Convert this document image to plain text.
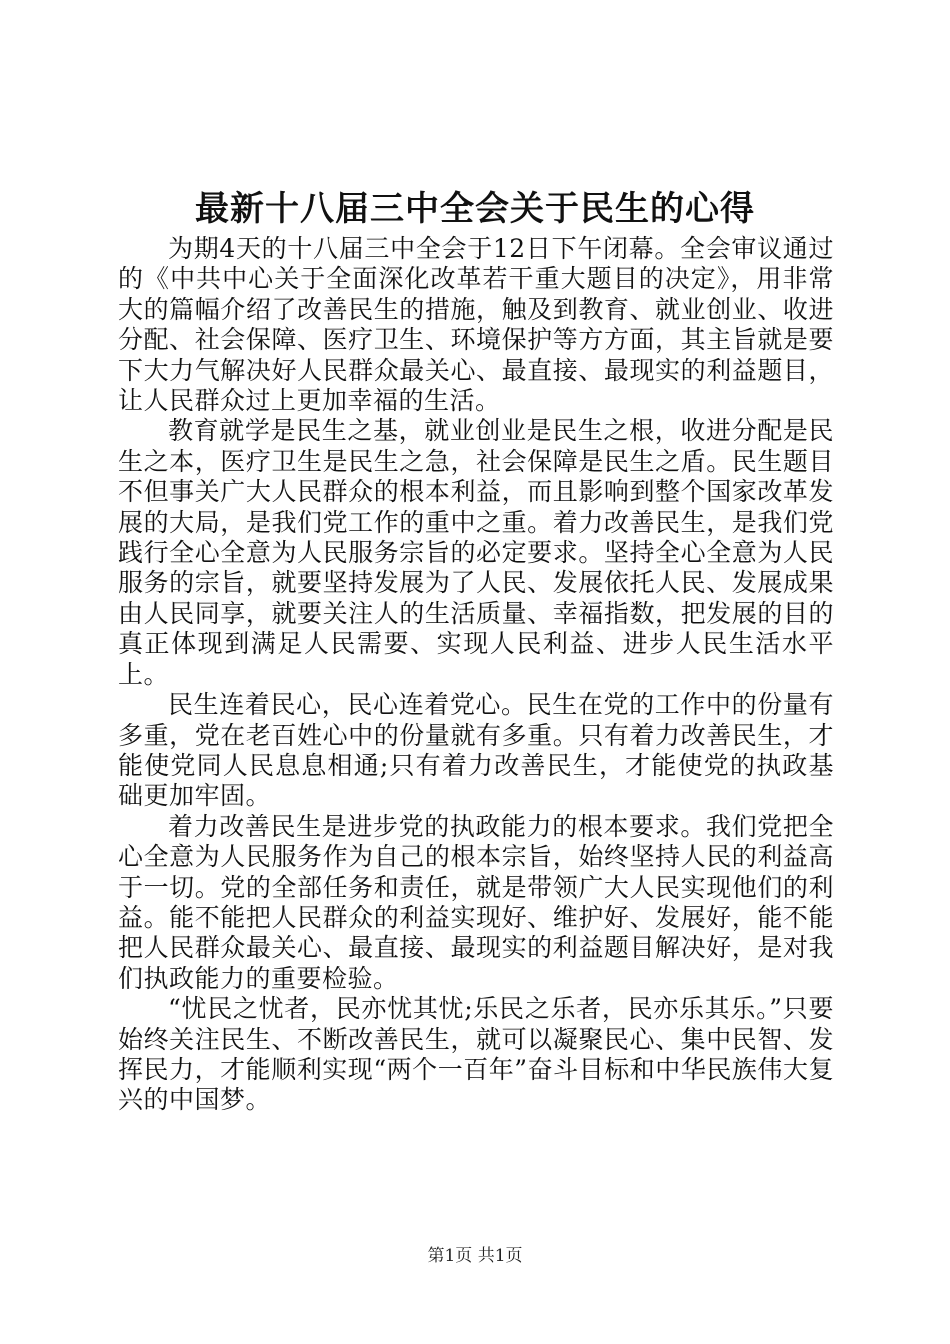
最新十八届三中全会关于民生的心得

为期4天的十八届三中全会于12日下午闭幕。全会审议通过的《中共中心关于全面深化改革若干重大题目的决定》，用非常大的篇幅介绍了改善民生的措施，触及到教育、就业创业、收进分配、社会保障、医疗卫生、环境保护等方方面，其主旨就是要下大力气解决好人民群众最关心、最直接、最现实的利益题目，让人民群众过上更加幸福的生活。

教育就学是民生之基，就业创业是民生之根，收进分配是民生之本，医疗卫生是民生之急，社会保障是民生之盾。民生题目不但事关广大人民群众的根本利益，而且影响到整个国家改革发展的大局，是我们党工作的重中之重。着力改善民生，是我们党践行全心全意为人民服务宗旨的必定要求。坚持全心全意为人民服务的宗旨，就要坚持发展为了人民、发展依托人民、发展成果由人民同享，就要关注人的生活质量、幸福指数，把发展的目的真正体现到满足人民需要、实现人民利益、进步人民生活水平上。

民生连着民心，民心连着党心。民生在党的工作中的份量有多重，党在老百姓心中的份量就有多重。只有着力改善民生，才能使党同人民息息相通;只有着力改善民生，才能使党的执政基础更加牢固。

着力改善民生是进步党的执政能力的根本要求。我们党把全心全意为人民服务作为自己的根本宗旨，始终坚持人民的利益高于一切。党的全部任务和责任，就是带领广大人民实现他们的利益。能不能把人民群众的利益实现好、维护好、发展好，能不能把人民群众最关心、最直接、最现实的利益题目解决好，是对我们执政能力的重要检验。

“忧民之忧者，民亦忧其忧;乐民之乐者，民亦乐其乐。”只要始终关注民生、不断改善民生，就可以凝聚民心、集中民智、发挥民力，才能顺利实现“两个一百年”奋斗目标和中华民族伟大复兴的中国梦。

第1页 共1页
